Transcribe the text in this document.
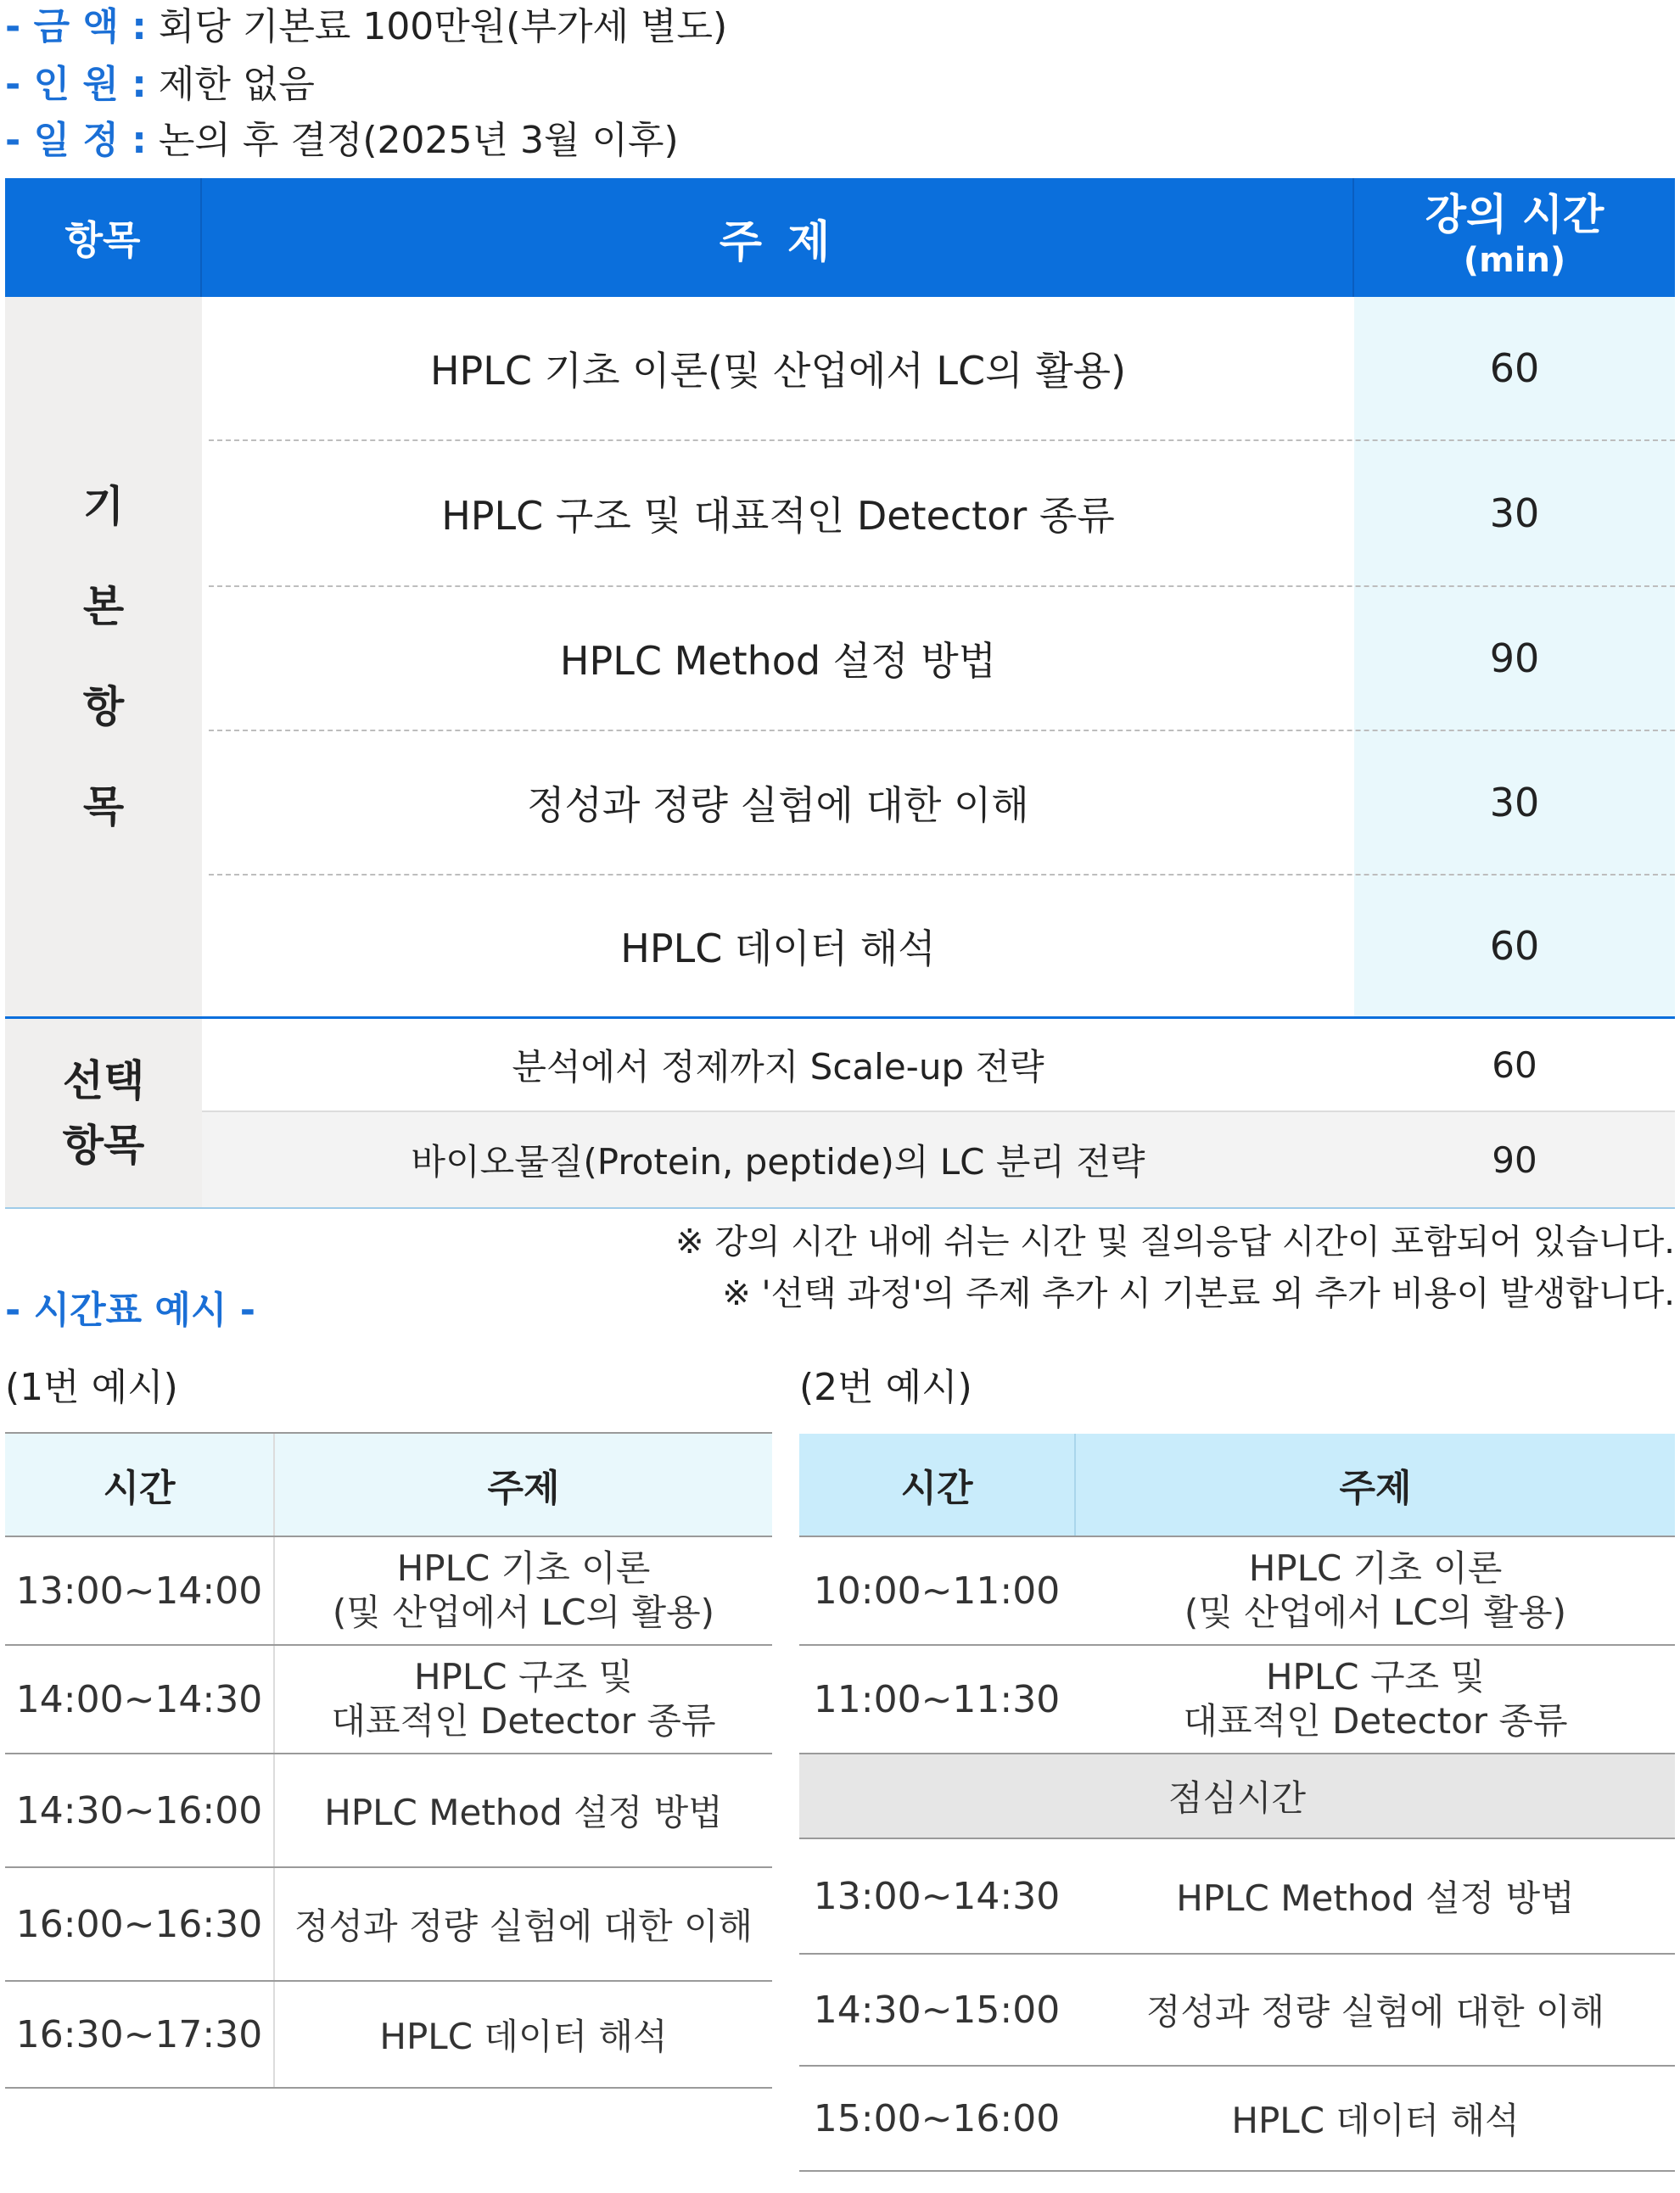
- 금 액 : 회당 기본료 100만원(부가세 별도)
- 인 원 : 제한 없음
- 일 정 : 논의 후 결정(2025년 3월 이후)
항목	주 제
강의 시간
(min)
기
본
항
목
HPLC 기초 이론(및 산업에서 LC의 활용)	60
HPLC 구조 및 대표적인 Detector 종류	30
HPLC Method 설정 방법	90
정성과 정량 실험에 대한 이해	30
HPLC 데이터 해석	60
선택
항목
분석에서 정제까지 Scale-up 전략	60
바이오물질(Protein, peptide)의 LC 분리 전략	90
※ 강의 시간 내에 쉬는 시간 및 질의응답 시간이 포함되어 있습니다.
※ '선택 과정'의 주제 추가 시 기본료 외 추가 비용이 발생합니다.
- 시간표 예시 -
(1번 예시)	(2번 예시)
시간	주제
13:00~14:00
HPLC 기초 이론
(및 산업에서 LC의 활용)
14:00~14:30
HPLC 구조 및
대표적인 Detector 종류
14:30~16:00	HPLC Method 설정 방법
16:00~16:30 정성과 정량 실험에 대한 이해
16:30~17:30	HPLC 데이터 해석
시간	주제
10:00~11:00
HPLC 기초 이론
(및 산업에서 LC의 활용)
11:00~11:30
HPLC 구조 및
대표적인 Detector 종류
점심시간
13:00~14:30	HPLC Method 설정 방법
14:30~15:00	정성과 정량 실험에 대한 이해
15:00~16:00	HPLC 데이터 해석
